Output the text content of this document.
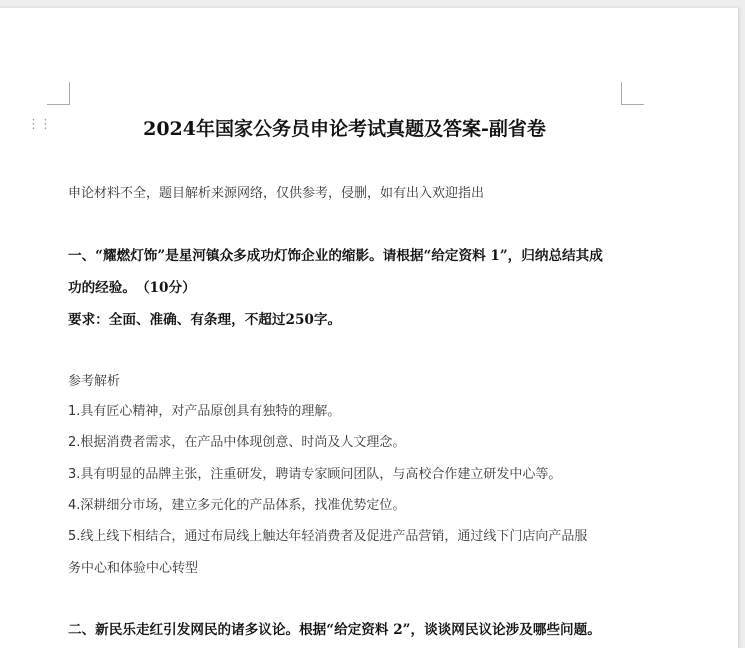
⋮⋮	2024年国家公务员申论考试真题及答案-副省卷
申论材料不全，题目解析来源网络，仅供参考，侵删，如有出入欢迎指出
一、“耀燃灯饰”是星河镇众多成功灯饰企业的缩影。请根据“给定资料 1”，归纳总结其成
功的经验。　（10分）
要求：全面、准确、有条理，不超过250字。
参考解析
1.具有匠心精神，对产品原创具有独特的理解。
2.根据消费者需求，在产品中体现创意、时尚及人文理念。
3.具有明显的品牌主张，注重研发，聘请专家顾问团队，与高校合作建立研发中心等。
4.深耕细分市场，建立多元化的产品体系，找准优势定位。
5.线上线下相结合，通过布局线上触达年轻消费者及促进产品营销，通过线下门店向产品服
务中心和体验中心转型
二、新民乐走红引发网民的诸多议论。根据“给定资料 2”，谈谈网民议论涉及哪些问题。
